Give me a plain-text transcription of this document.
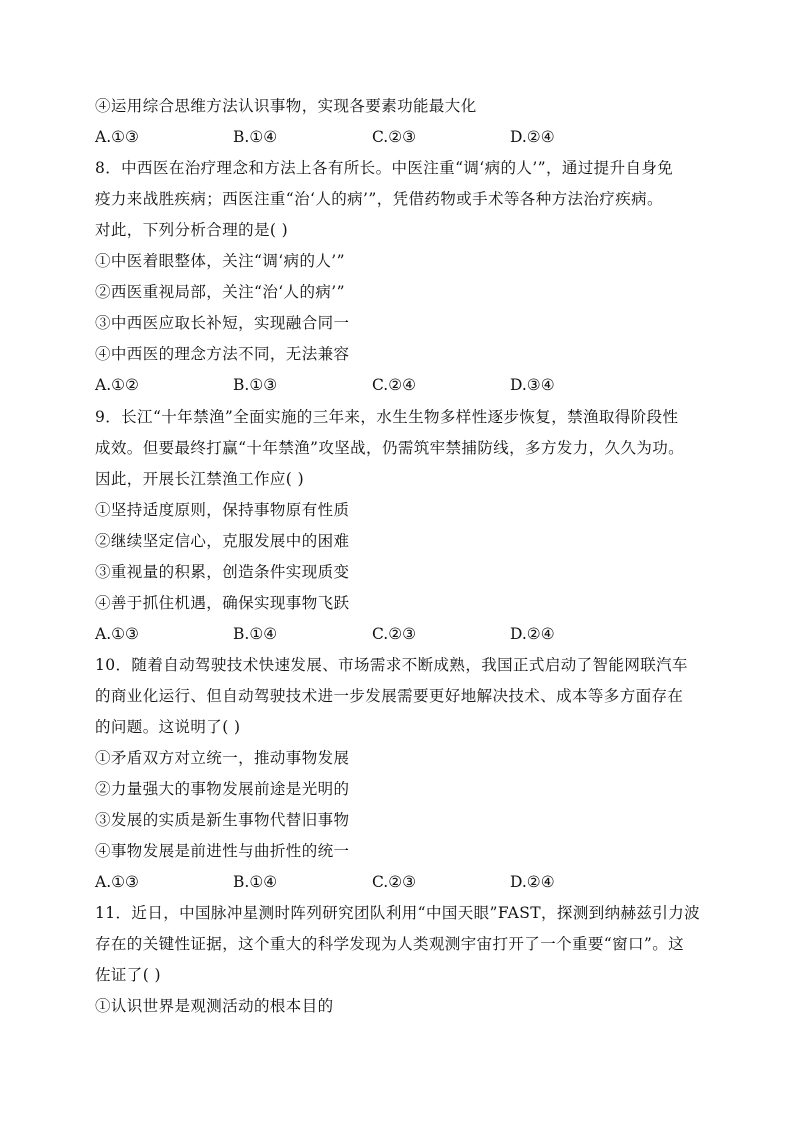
④运用综合思维方法认识事物，实现各要素功能最大化
A.①③	B.①④	C.②③	D.②④
8．中西医在治疗理念和方法上各有所长。中医注重“调‘病的人’”，通过提升自身免
疫力来战胜疾病；西医注重“治‘人的病’”，凭借药物或手术等各种方法治疗疾病。
对此，下列分析合理的是( )
①中医着眼整体，关注“调‘病的人’”
②西医重视局部，关注“治‘人的病’”
③中西医应取长补短，实现融合同一
④中西医的理念方法不同，无法兼容
A.①②	B.①③	C.②④	D.③④
9．长江“十年禁渔”全面实施的三年来，水生生物多样性逐步恢复，禁渔取得阶段性
成效。但要最终打赢“十年禁渔”攻坚战，仍需筑牢禁捕防线，多方发力，久久为功。
因此，开展长江禁渔工作应( )
①坚持适度原则，保持事物原有性质
②继续坚定信心，克服发展中的困难
③重视量的积累，创造条件实现质变
④善于抓住机遇，确保实现事物飞跃
A.①③	B.①④	C.②③	D.②④
10．随着自动驾驶技术快速发展、市场需求不断成熟，我国正式启动了智能网联汽车
的商业化运行、但自动驾驶技术进一步发展需要更好地解决技术、成本等多方面存在
的问题。这说明了( )
①矛盾双方对立统一，推动事物发展
②力量强大的事物发展前途是光明的
③发展的实质是新生事物代替旧事物
④事物发展是前进性与曲折性的统一
A.①③	B.①④	C.②③	D.②④
11．近日，中国脉冲星测时阵列研究团队利用“中国天眼”FAST，探测到纳赫兹引力波
存在的关键性证据，这个重大的科学发现为人类观测宇宙打开了一个重要“窗口”。这
佐证了( )
①认识世界是观测活动的根本目的
